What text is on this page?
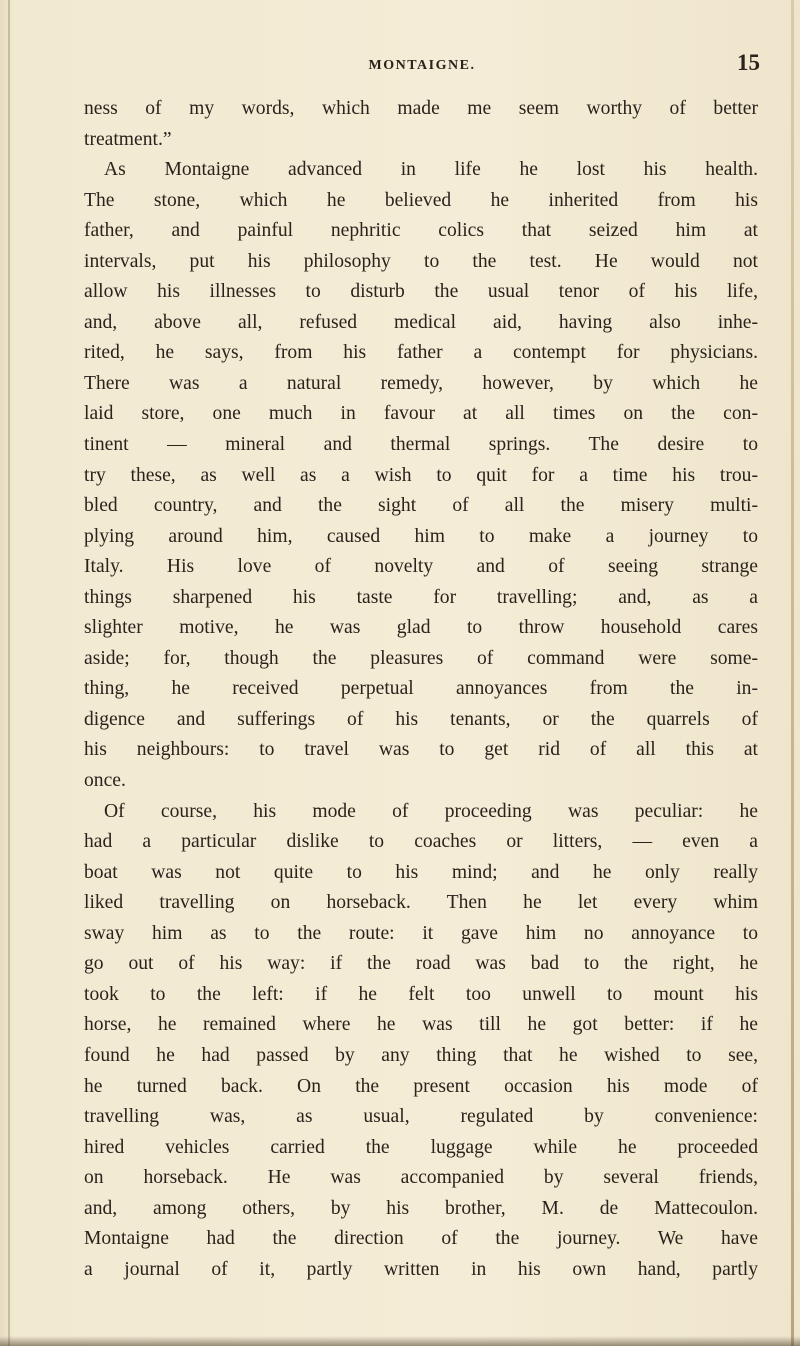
MONTAIGNE.	15
ness of my words, which made me seem worthy of better
treatment.”
As Montaigne advanced in life he lost his health.
The stone, which he believed he inherited from his
father, and painful nephritic colics that seized him at
intervals, put his philosophy to the test. He would not
allow his illnesses to disturb the usual tenor of his life,
and, above all, refused medical aid, having also inhe-
rited, he says, from his father a contempt for physicians.
There was a natural remedy, however, by which he
laid store, one much in favour at all times on the con-
tinent — mineral and thermal springs. The desire to
try these, as well as a wish to quit for a time his trou-
bled country, and the sight of all the misery multi-
plying around him, caused him to make a journey to
Italy. His love of novelty and of seeing strange
things sharpened his taste for travelling; and, as a
slighter motive, he was glad to throw household cares
aside; for, though the pleasures of command were some-
thing, he received perpetual annoyances from the in-
digence and sufferings of his tenants, or the quarrels of
his neighbours: to travel was to get rid of all this at
once.
Of course, his mode of proceeding was peculiar: he
had a particular dislike to coaches or litters, — even a
boat was not quite to his mind; and he only really
liked travelling on horseback. Then he let every whim
sway him as to the route: it gave him no annoyance to
go out of his way: if the road was bad to the right, he
took to the left: if he felt too unwell to mount his
horse, he remained where he was till he got better: if he
found he had passed by any thing that he wished to see,
he turned back. On the present occasion his mode of
travelling was, as usual, regulated by convenience:
hired vehicles carried the luggage while he proceeded
on horseback. He was accompanied by several friends,
and, among others, by his brother, M. de Mattecoulon.
Montaigne had the direction of the journey. We have
a journal of it, partly written in his own hand, partly
